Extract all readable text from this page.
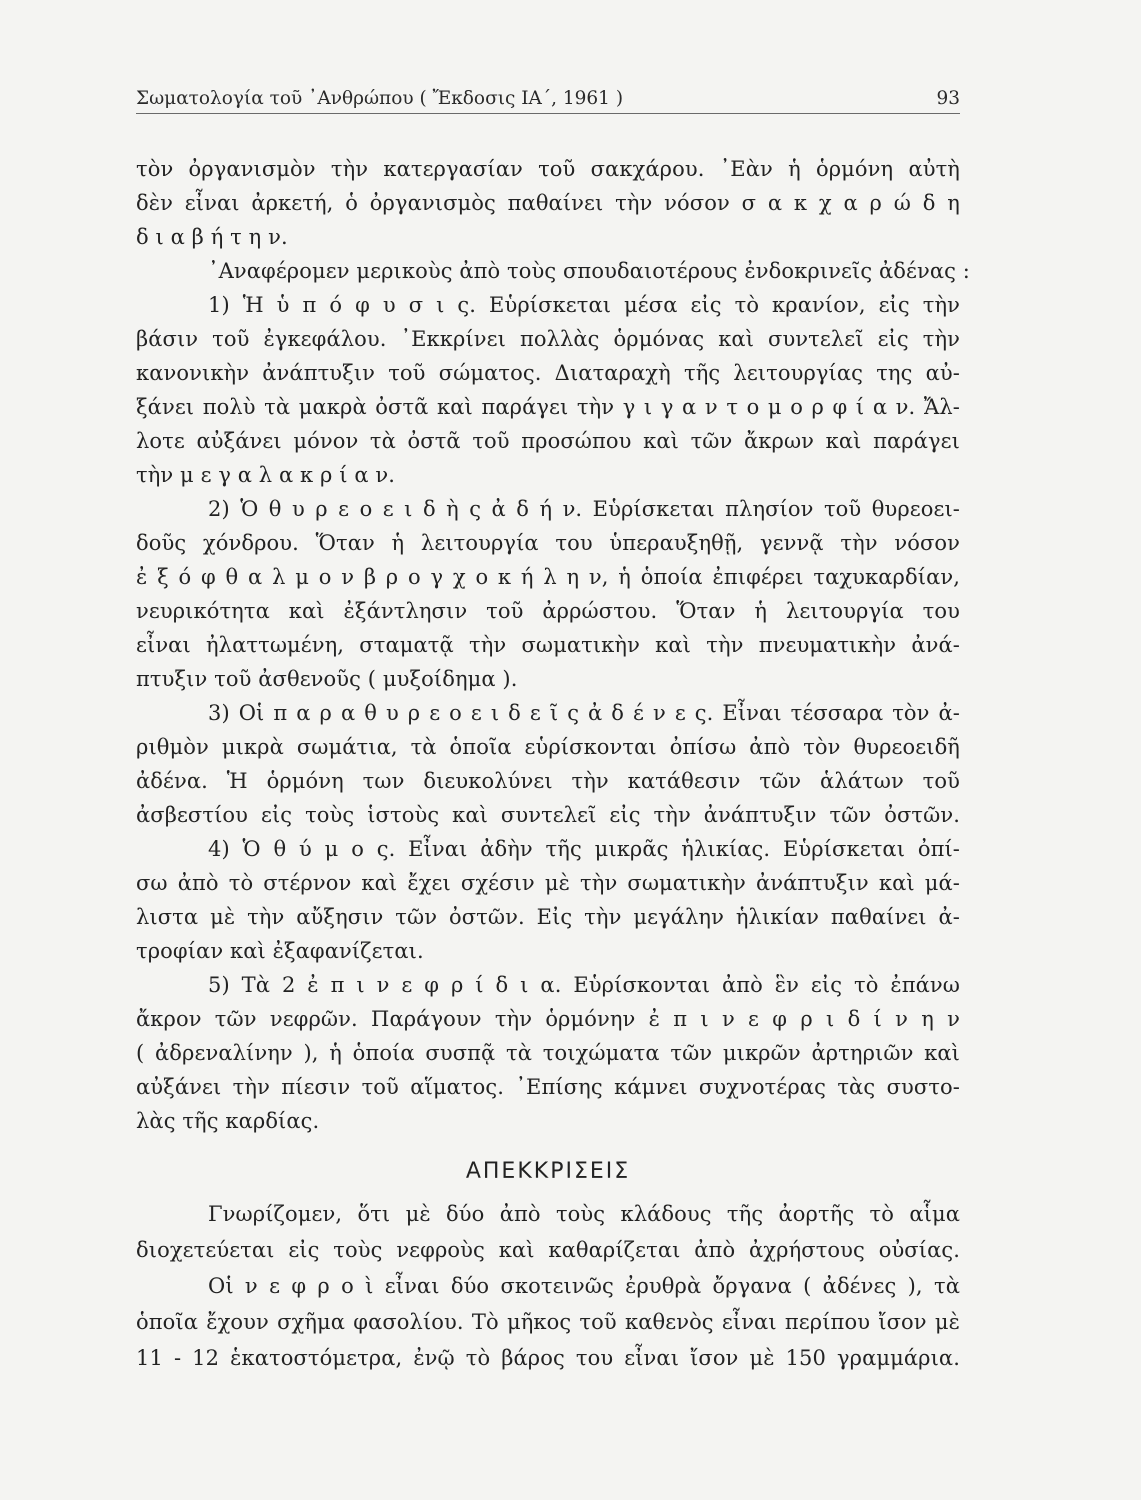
Σωματολογία τοῦ ᾿Ανθρώπου ( Ἔκδοσις ΙΑ΄, 1961 )	93
τὸν ὀργανισμὸν τὴν κατεργασίαν τοῦ σακχάρου. ᾿Εὰν ἡ ὁρμόνη αὐτὴ
δὲν εἶναι ἀρκετή, ὁ ὀργανισμὸς παθαίνει τὴν νόσον σ α κ χ α ρ ώ δ η
δ ι α β ή τ η ν.
᾿Αναφέρομεν μερικοὺς ἀπὸ τοὺς σπουδαιοτέρους ἐνδοκρινεῖς ἀδένας :
1) Ἡ ὑ π ό φ υ σ ι ς. Εὑρίσκεται μέσα εἰς τὸ κρανίον, εἰς τὴν
βάσιν τοῦ ἐγκεφάλου. ᾿Εκκρίνει πολλὰς ὁρμόνας καὶ συντελεῖ εἰς τὴν
κανονικὴν ἀνάπτυξιν τοῦ σώματος. Διαταραχὴ τῆς λειτουργίας της αὐ-
ξάνει πολὺ τὰ μακρὰ ὀστᾶ καὶ παράγει τὴν γ ι γ α ν τ ο μ ο ρ φ ί α ν. Ἄλ-
λοτε αὐξάνει μόνον τὰ ὀστᾶ τοῦ προσώπου καὶ τῶν ἄκρων καὶ παράγει
τὴν μ ε γ α λ α κ ρ ί α ν.
2) Ὁ θ υ ρ ε ο ε ι δ ὴ ς ἀ δ ή ν. Εὑρίσκεται πλησίον τοῦ θυρεοει-
δοῦς χόνδρου. Ὅταν ἡ λειτουργία του ὑπεραυξηθῇ, γεννᾷ τὴν νόσον
ἐ ξ ό φ θ α λ μ ο ν β ρ ο γ χ ο κ ή λ η ν, ἡ ὁποία ἐπιφέρει ταχυκαρδίαν,
νευρικότητα καὶ ἐξάντλησιν τοῦ ἀρρώστου. Ὅταν ἡ λειτουργία του
εἶναι ἠλαττωμένη, σταματᾷ τὴν σωματικὴν καὶ τὴν πνευματικὴν ἀνά-
πτυξιν τοῦ ἀσθενοῦς ( μυξοίδημα ).
3) Οἱ π α ρ α θ υ ρ ε ο ε ι δ ε ῖ ς ἀ δ έ ν ε ς. Εἶναι τέσσαρα τὸν ἀ-
ριθμὸν μικρὰ σωμάτια, τὰ ὁποῖα εὑρίσκονται ὀπίσω ἀπὸ τὸν θυρεοειδῆ
ἀδένα. Ἡ ὁρμόνη των διευκολύνει τὴν κατάθεσιν τῶν ἁλάτων τοῦ
ἀσβεστίου εἰς τοὺς ἱστοὺς καὶ συντελεῖ εἰς τὴν ἀνάπτυξιν τῶν ὀστῶν.
4) Ὁ θ ύ μ ο ς. Εἶναι ἀδὴν τῆς μικρᾶς ἡλικίας. Εὑρίσκεται ὀπί-
σω ἀπὸ τὸ στέρνον καὶ ἔχει σχέσιν μὲ τὴν σωματικὴν ἀνάπτυξιν καὶ μά-
λιστα μὲ τὴν αὔξησιν τῶν ὀστῶν. Εἰς τὴν μεγάλην ἡλικίαν παθαίνει ἀ-
τροφίαν καὶ ἐξαφανίζεται.
5) Τὰ 2 ἐ π ι ν ε φ ρ ί δ ι α. Εὑρίσκονται ἀπὸ ἓν εἰς τὸ ἐπάνω
ἄκρον τῶν νεφρῶν. Παράγουν τὴν ὁρμόνην ἐ π ι ν ε φ ρ ι δ ί ν η ν
( ἀδρεναλίνην ), ἡ ὁποία συσπᾷ τὰ τοιχώματα τῶν μικρῶν ἀρτηριῶν καὶ
αὐξάνει τὴν πίεσιν τοῦ αἵματος. ᾿Επίσης κάμνει συχνοτέρας τὰς συστο-
λὰς τῆς καρδίας.
ΑΠΕΚΚΡΙΣΕΙΣ
Γνωρίζομεν, ὅτι μὲ δύο ἀπὸ τοὺς κλάδους τῆς ἀορτῆς τὸ αἷμα
διοχετεύεται εἰς τοὺς νεφροὺς καὶ καθαρίζεται ἀπὸ ἀχρήστους οὐσίας.
Οἱ ν ε φ ρ ο ὶ εἶναι δύο σκοτεινῶς ἐρυθρὰ ὄργανα ( ἀδένες ), τὰ
ὁποῖα ἔχουν σχῆμα φασολίου. Τὸ μῆκος τοῦ καθενὸς εἶναι περίπου ἴσον μὲ
11 - 12 ἑκατοστόμετρα, ἐνῷ τὸ βάρος του εἶναι ἴσον μὲ 150 γραμμάρια.
